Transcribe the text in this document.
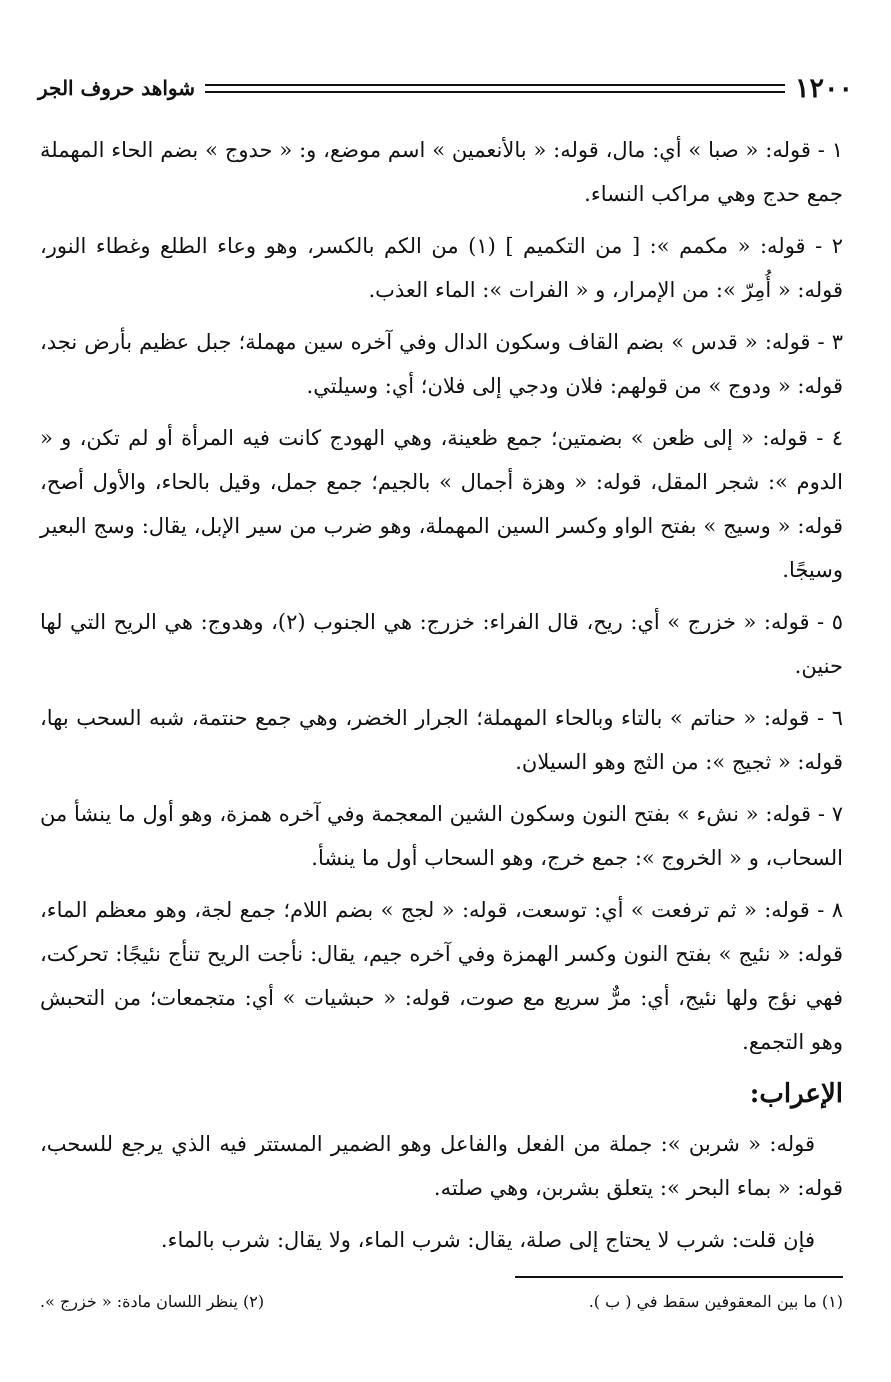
١٢٠٠
شواهد حروف الجر

١ - قوله: « صبا » أي: مال، قوله: « بالأنعمين » اسم موضع، و: « حدوج » بضم الحاء المهملة جمع حدج وهي مراكب النساء.

٢ - قوله: « مكمم »: [ من التكميم ] (١) من الكم بالكسر، وهو وعاء الطلع وغطاء النور، قوله: « أُمِرّ »: من الإمرار، و « الفرات »: الماء العذب.

٣ - قوله: « قدس » بضم القاف وسكون الدال وفي آخره سين مهملة؛ جبل عظيم بأرض نجد، قوله: « ودوج » من قولهم: فلان ودجي إلى فلان؛ أي: وسيلتي.

٤ - قوله: « إلى ظعن » بضمتين؛ جمع ظعينة، وهي الهودج كانت فيه المرأة أو لم تكن، و « الدوم »: شجر المقل، قوله: « وهزة أجمال » بالجيم؛ جمع جمل، وقيل بالحاء، والأول أصح، قوله: « وسيج » بفتح الواو وكسر السين المهملة، وهو ضرب من سير الإبل، يقال: وسج البعير وسيجًا.

٥ - قوله: « خزرج » أي: ريح، قال الفراء: خزرج: هي الجنوب (٢)، وهدوج: هي الريح التي لها حنين.

٦ - قوله: « حناتم » بالتاء وبالحاء المهملة؛ الجرار الخضر، وهي جمع حنتمة، شبه السحب بها، قوله: « ثجيج »: من الثج وهو السيلان.

٧ - قوله: « نشء » بفتح النون وسكون الشين المعجمة وفي آخره همزة، وهو أول ما ينشأ من السحاب، و « الخروج »: جمع خرج، وهو السحاب أول ما ينشأ.

٨ - قوله: « ثم ترفعت » أي: توسعت، قوله: « لجج » بضم اللام؛ جمع لجة، وهو معظم الماء، قوله: « نئيج » بفتح النون وكسر الهمزة وفي آخره جيم، يقال: نأجت الريح تنأج نئيجًا: تحركت، فهي نؤج ولها نئيج، أي: مرٌّ سريع مع صوت، قوله: « حبشيات » أي: متجمعات؛ من التحبش وهو التجمع.

الإعراب:

قوله: « شربن »: جملة من الفعل والفاعل وهو الضمير المستتر فيه الذي يرجع للسحب، قوله: « بماء البحر »: يتعلق بشربن، وهي صلته.

فإن قلت: شرب لا يحتاج إلى صلة، يقال: شرب الماء، ولا يقال: شرب بالماء.

(١) ما بين المعقوفين سقط في ( ب ).
(٢) ينظر اللسان مادة: « خزرج ».
